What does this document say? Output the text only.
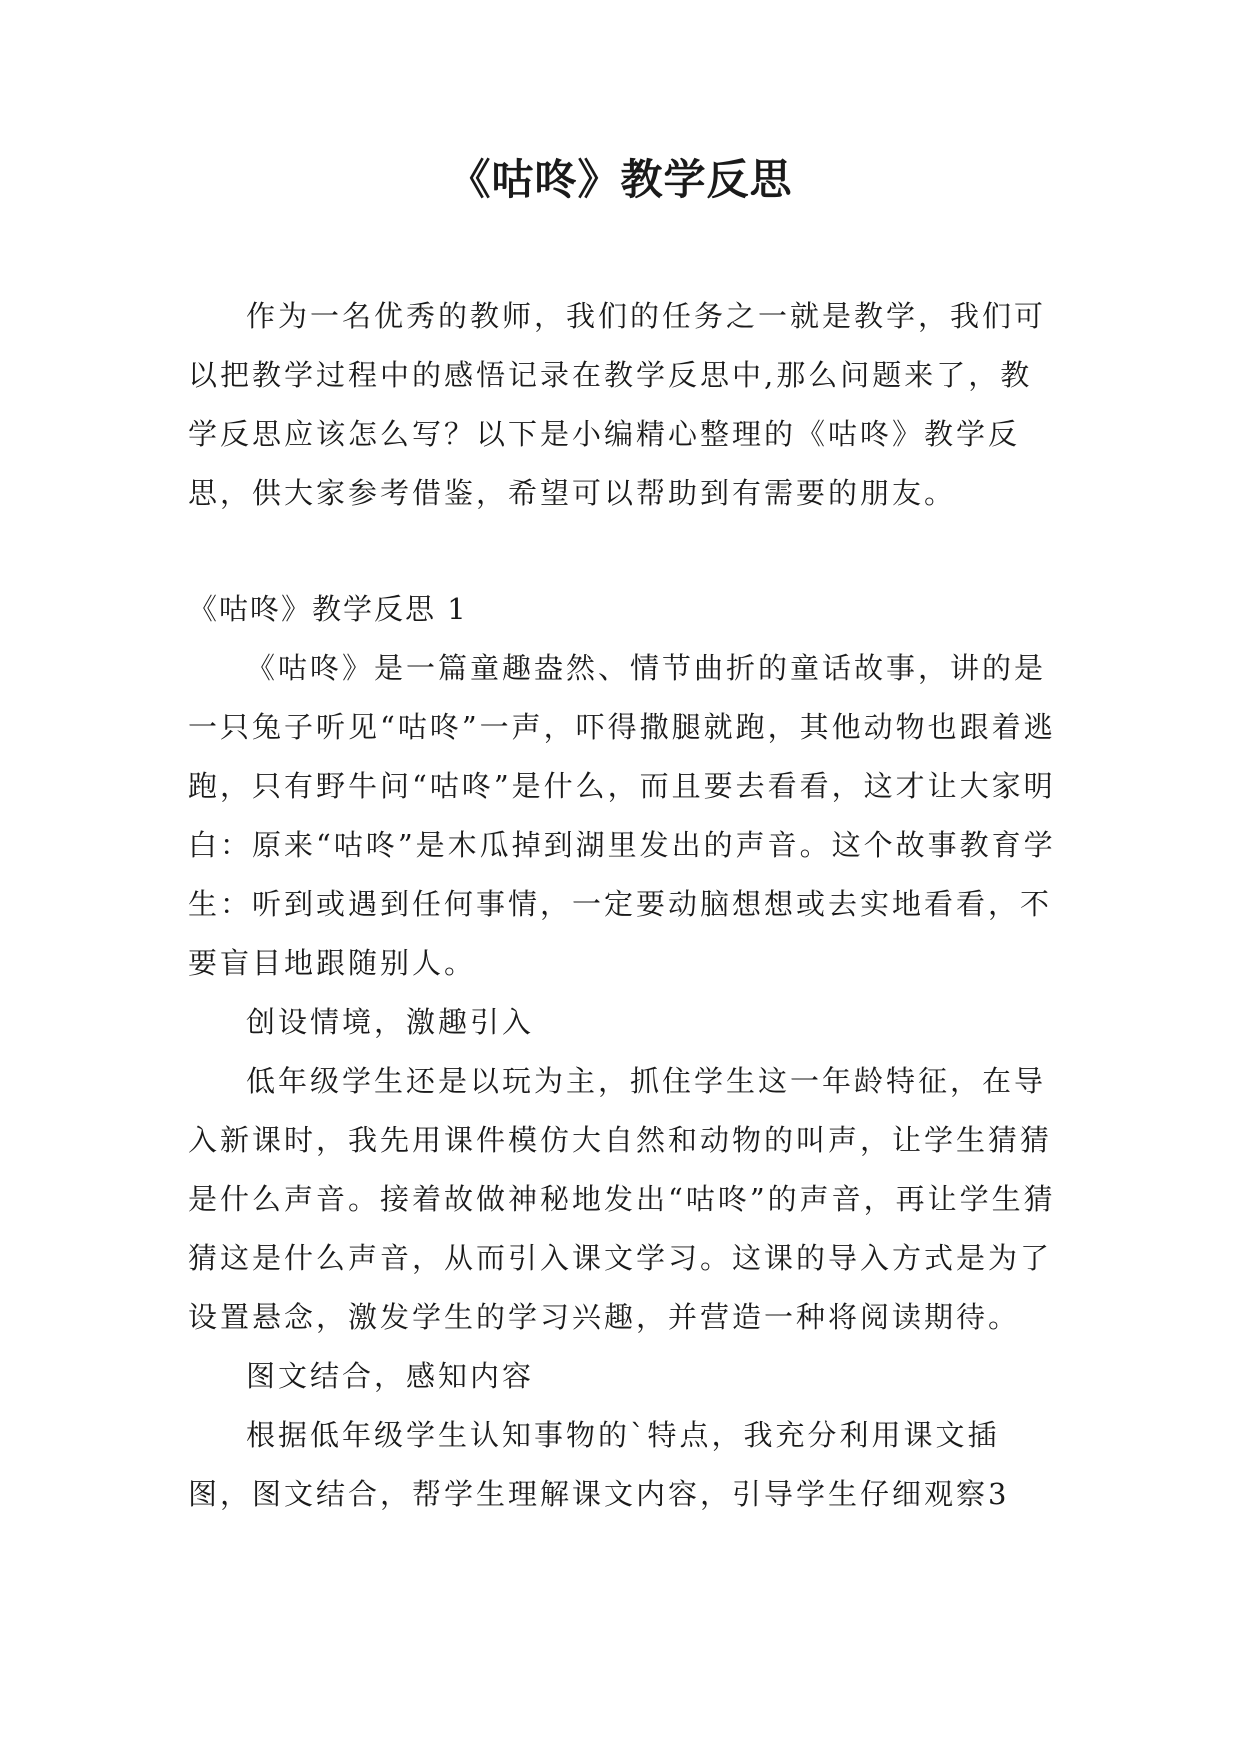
《咕咚》教学反思

作为一名优秀的教师，我们的任务之一就是教学，我们可以把教学过程中的感悟记录在教学反思中,那么问题来了，教学反思应该怎么写？以下是小编精心整理的《咕咚》教学反思，供大家参考借鉴，希望可以帮助到有需要的朋友。

《咕咚》教学反思 1

《咕咚》是一篇童趣盎然、情节曲折的童话故事，讲的是一只兔子听见“咕咚”一声，吓得撒腿就跑，其他动物也跟着逃跑，只有野牛问“咕咚”是什么，而且要去看看，这才让大家明白：原来“咕咚”是木瓜掉到湖里发出的声音。这个故事教育学生：听到或遇到任何事情，一定要动脑想想或去实地看看，不要盲目地跟随别人。

创设情境，激趣引入

低年级学生还是以玩为主，抓住学生这一年龄特征，在导入新课时，我先用课件模仿大自然和动物的叫声，让学生猜猜是什么声音。接着故做神秘地发出“咕咚”的声音，再让学生猜猜这是什么声音，从而引入课文学习。这课的导入方式是为了设置悬念，激发学生的学习兴趣，并营造一种将阅读期待。

图文结合，感知内容

根据低年级学生认知事物的`特点，我充分利用课文插图，图文结合，帮学生理解课文内容，引导学生仔细观察3
